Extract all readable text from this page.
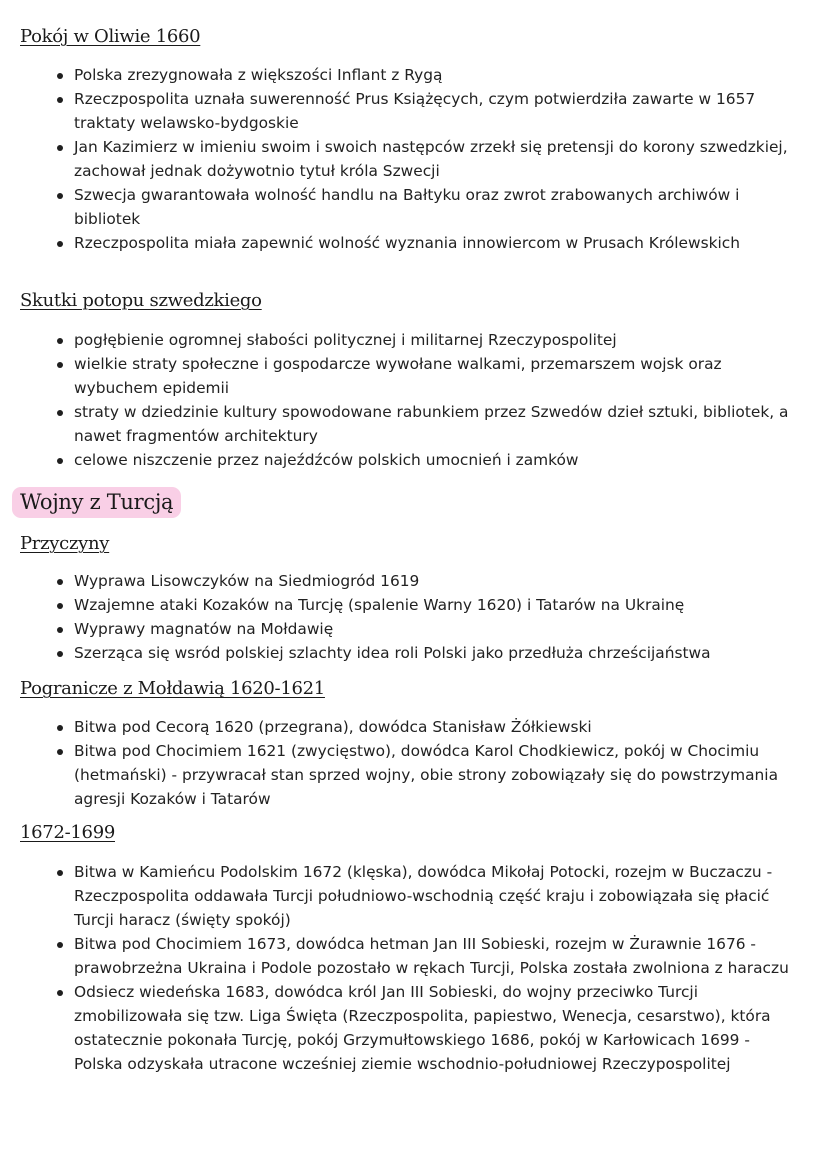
Pokój w Oliwie 1660
Polska zrezygnowała z większości Inflant z Rygą
Rzeczpospolita uznała suwerenność Prus Książęcych, czym potwierdziła zawarte w 1657 traktaty welawsko-bydgoskie
Jan Kazimierz w imieniu swoim i swoich następców zrzekł się pretensji do korony szwedzkiej, zachował jednak dożywotnio tytuł króla Szwecji
Szwecja gwarantowała wolność handlu na Bałtyku oraz zwrot zrabowanych archiwów i bibliotek
Rzeczpospolita miała zapewnić wolność wyznania innowiercom w Prusach Królewskich
Skutki potopu szwedzkiego
pogłębienie ogromnej słabości politycznej i militarnej Rzeczypospolitej
wielkie straty społeczne i gospodarcze wywołane walkami, przemarszem wojsk oraz wybuchem epidemii
straty w dziedzinie kultury spowodowane rabunkiem przez Szwedów dzieł sztuki, bibliotek, a nawet fragmentów architektury
celowe niszczenie przez najeźdźców polskich umocnień i zamków
Wojny z Turcją
Przyczyny
Wyprawa Lisowczyków na Siedmiogród 1619
Wzajemne ataki Kozaków na Turcję (spalenie Warny 1620) i Tatarów na Ukrainę
Wyprawy magnatów na Mołdawię
Szerząca się wsród polskiej szlachty idea roli Polski jako przedłuża chrześcijaństwa
Pogranicze z Mołdawią 1620-1621
Bitwa pod Cecorą 1620 (przegrana), dowódca Stanisław Żółkiewski
Bitwa pod Chocimiem 1621 (zwycięstwo), dowódca Karol Chodkiewicz, pokój w Chocimiu (hetmański) - przywracał stan sprzed wojny, obie strony zobowiązały się do powstrzymania agresji Kozaków i Tatarów
1672-1699
Bitwa w Kamieńcu Podolskim 1672 (klęska), dowódca Mikołaj Potocki, rozejm w Buczaczu - Rzeczpospolita oddawała Turcji południowo-wschodnią część kraju i zobowiązała się płacić Turcji haracz (święty spokój)
Bitwa pod Chocimiem 1673, dowódca hetman Jan III Sobieski, rozejm w Żurawnie 1676 - prawobrzeżna Ukraina i Podole pozostało w rękach Turcji, Polska została zwolniona z haraczu
Odsiecz wiedeńska 1683, dowódca król Jan III Sobieski, do wojny przeciwko Turcji zmobilizowała się tzw. Liga Święta (Rzeczpospolita, papiestwo, Wenecja, cesarstwo), która ostatecznie pokonała Turcję, pokój Grzymułtowskiego 1686, pokój w Karłowicach 1699 - Polska odzyskała utracone wcześniej ziemie wschodnio-południowej Rzeczypospolitej
